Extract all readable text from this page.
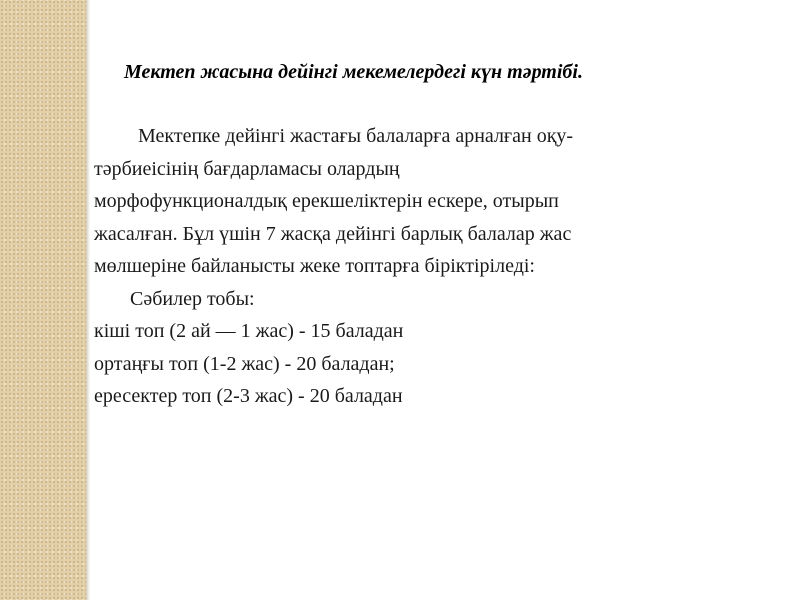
Мектеп жасына дейінгі мекемелердегі күн тәртібі.
Мектепке дейінгі жастағы балаларға арналған оқу-
тәрбиеісінің бағдарламасы олардың
морфофункционалдық ерекшеліктерін ескере, отырып
жасалған. Бұл үшін 7 жасқа дейінгі барлық балалар жас
мөлшеріне байланысты жеке топтарға біріктіріледі:
Сәбилер тобы:
кіші топ (2 ай — 1 жас) - 15 баладан
ортаңғы топ (1-2 жас) - 20 баладан;
ересектер топ (2-3 жас) - 20 баладан
